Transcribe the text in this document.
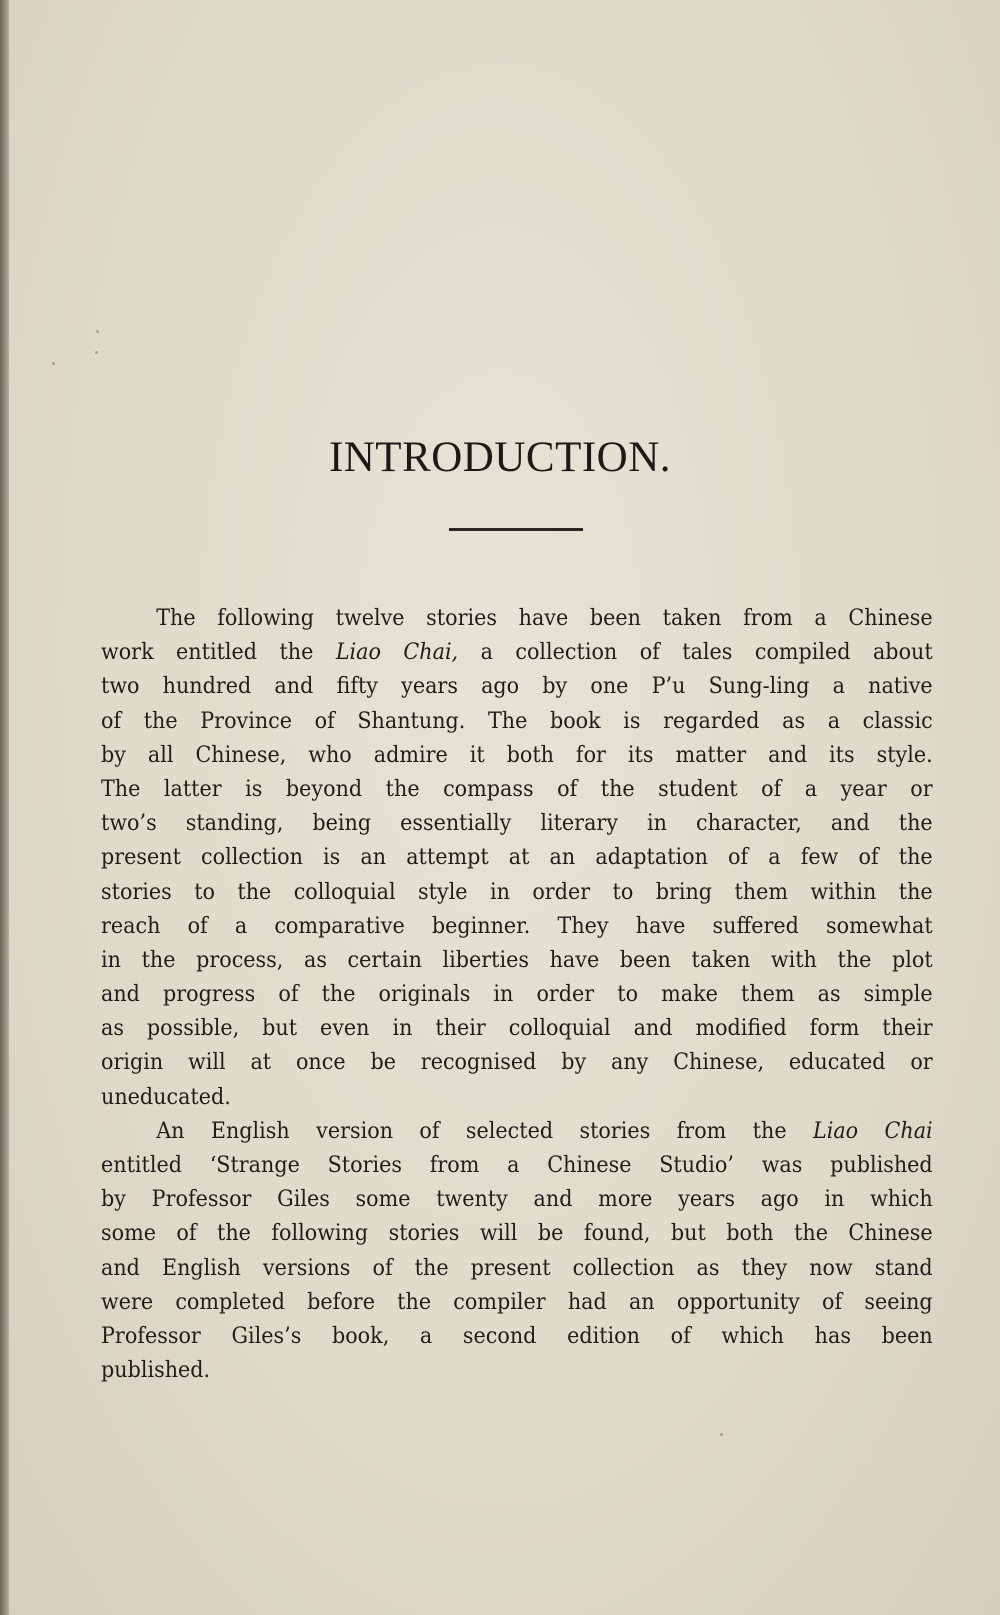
INTRODUCTION.
The following twelve stories have been taken from a Chinese
work entitled the Liao Chai, a collection of tales compiled about
two hundred and fifty years ago by one P’u Sung-ling a native
of the Province of Shantung. The book is regarded as a classic
by all Chinese, who admire it both for its matter and its style.
The latter is beyond the compass of the student of a year or
two’s standing, being essentially literary in character, and the
present collection is an attempt at an adaptation of a few of the
stories to the colloquial style in order to bring them within the
reach of a comparative beginner. They have suffered somewhat
in the process, as certain liberties have been taken with the plot
and progress of the originals in order to make them as simple
as possible, but even in their colloquial and modified form their
origin will at once be recognised by any Chinese, educated or
uneducated.
An English version of selected stories from the Liao Chai
entitled ‘Strange Stories from a Chinese Studio’ was published
by Professor Giles some twenty and more years ago in which
some of the following stories will be found, but both the Chinese
and English versions of the present collection as they now stand
were completed before the compiler had an opportunity of seeing
Professor Giles’s book, a second edition of which has been
published.
